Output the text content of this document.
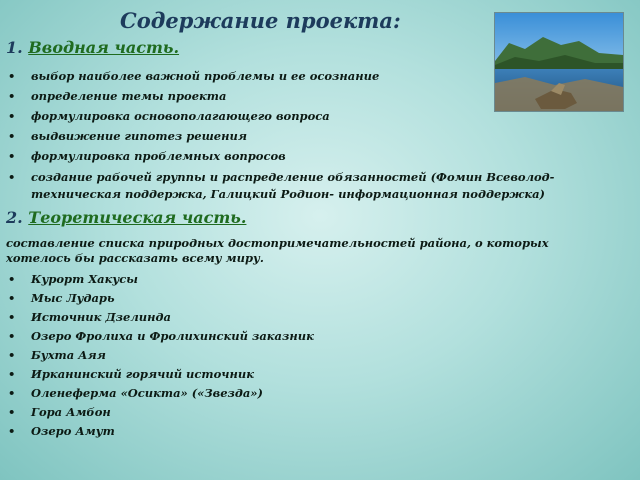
Содержание проекта:
1. Вводная часть.
• выбор наиболее важной проблемы и ее осознание
• определение темы проекта
• формулировка основополагающего вопроса
• выдвижение гипотез решения
• формулировка проблемных вопросов
• создание рабочей группы и распределение обязанностей (Фомин Всеволод- техническая поддержка, Галицкий Родион- информационная поддержка)
2. Теоретическая часть.
составление списка природных достопримечательностей района, о которых хотелось бы рассказать всему миру.
• Курорт Хакусы
• Мыс Лударь
• Источник Дзелинда
• Озеро Фролиха и Фролихинский заказник
• Бухта Аяя
• Ирканинский горячий источник
• Оленеферма «Осикта» («Звезда»)
• Гора Амбон
• Озеро Амут
